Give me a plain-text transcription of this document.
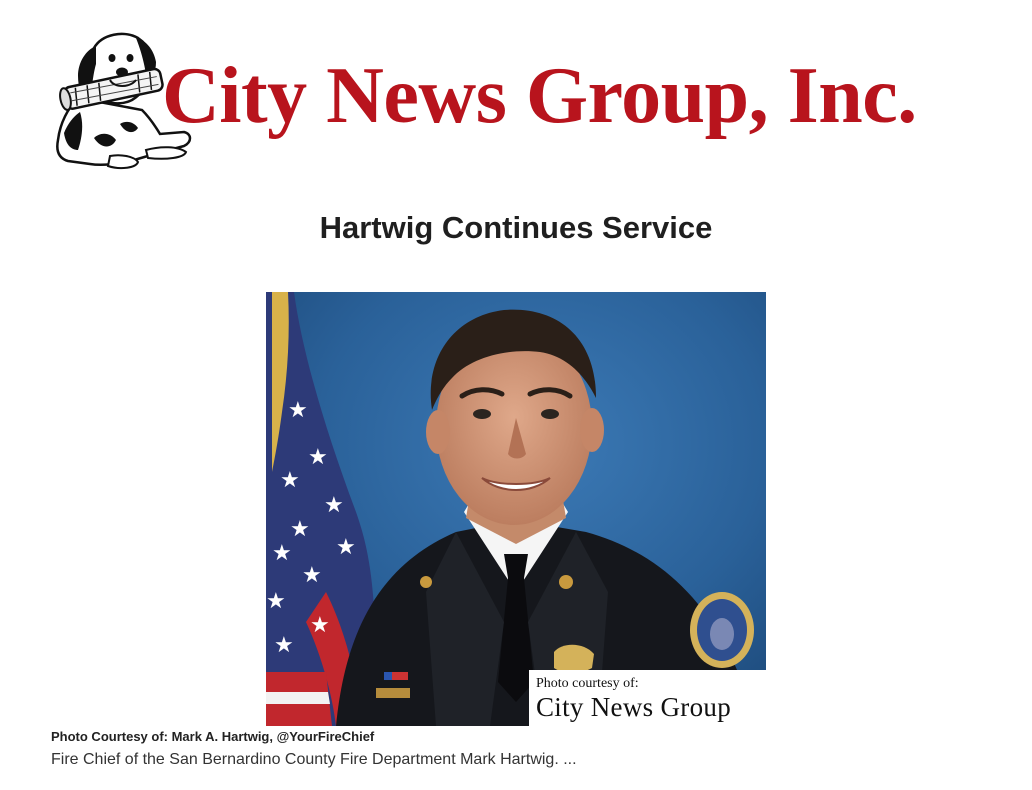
City News Group, Inc.
Hartwig Continues Service
★
★
★
★
★
★
★
★
★
★
★
Photo courtesy of:
City News Group
Photo Courtesy of: Mark A. Hartwig, @YourFireChief
Fire Chief of the San Bernardino County Fire Department Mark Hartwig. ...
